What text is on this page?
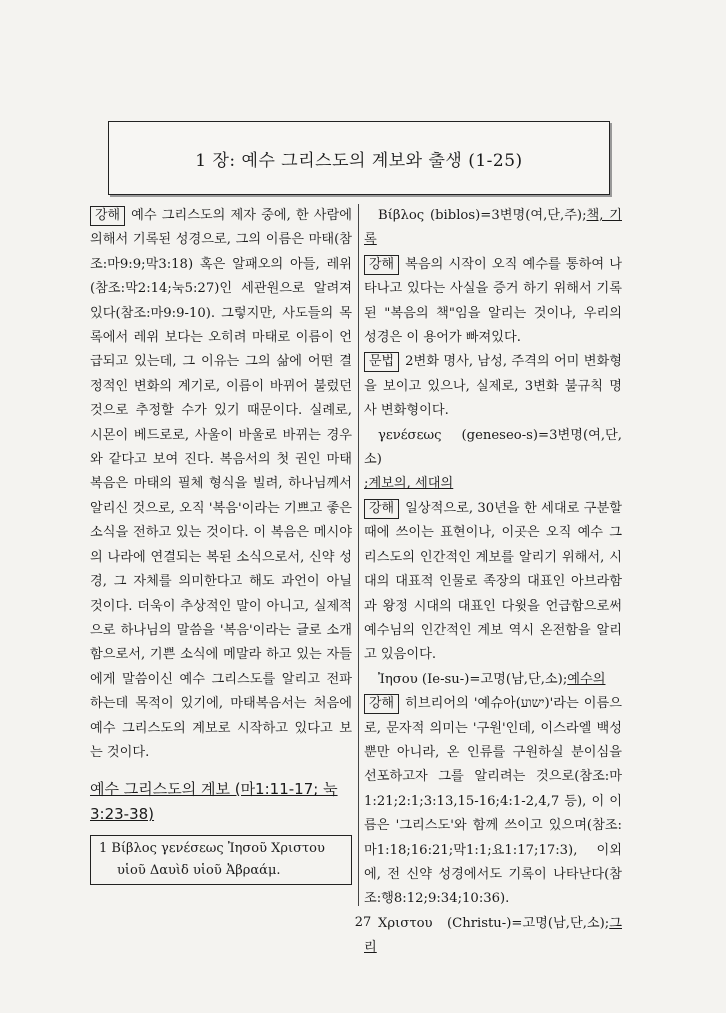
1 장: 예수 그리스도의 계보와 출생 (1-25)

강해 예수 그리스도의 제자 중에, 한 사람에 의해서 기록된 성경으로, 그의 이름은 마태(참조:마9:9;막3:18) 혹은 알패오의 아들, 레위(참조:막2:14;눅5:27)인 세관원으로 알려져 있다(참조:마9:9-10). 그렇지만, 사도들의 목록에서 레위 보다는 오히려 마태로 이름이 언급되고 있는데, 그 이유는 그의 삶에 어떤 결정적인 변화의 계기로, 이름이 바뀌어 불렀던 것으로 추정할 수가 있기 때문이다. 실례로, 시몬이 베드로로, 사울이 바울로 바뀌는 경우와 같다고 보여 진다. 복음서의 첫 권인 마태복음은 마태의 필체 형식을 빌려, 하나님께서 알리신 것으로, 오직 '복음'이라는 기쁘고 좋은 소식을 전하고 있는 것이다. 이 복음은 메시야의 나라에 연결되는 복된 소식으로서, 신약 성경, 그 자체를 의미한다고 해도 과언이 아닐 것이다. 더욱이 추상적인 말이 아니고, 실제적으로 하나님의 말씀을 '복음'이라는 글로 소개함으로서, 기쁜 소식에 메말라 하고 있는 자들에게 말씀이신 예수 그리스도를 알리고 전파하는데 목적이 있기에, 마태복음서는 처음에 예수 그리스도의 계보로 시작하고 있다고 보는 것이다.

예수 그리스도의 계보 (마1:11-17; 눅3:23-38)
1 Βίβλος γενέσεως Ἰησοῦ Χριστου
υἱοῦ Δαυὶδ υἱοῦ Ἀβραάμ.

Βίβλος (biblos)=3변명(여,단,주);책, 기록

강해 복음의 시작이 오직 예수를 통하여 나타나고 있다는 사실을 증거 하기 위해서 기록된 "복음의 책"임을 알리는 것이나, 우리의 성경은 이 용어가 빠져있다.

문법 2변화 명사, 남성, 주격의 어미 변화형을 보이고 있으나, 실제로, 3변화 불규칙 명사 변화형이다.

γενέσεως (geneseo-s)=3변명(여,단,소)

;계보의, 세대의

강해 일상적으로, 30년을 한 세대로 구분할 때에 쓰이는 표현이나, 이곳은 오직 예수 그리스도의 인간적인 계보를 알리기 위해서, 시대의 대표적 인물로 족장의 대표인 아브라함과 왕정 시대의 대표인 다윗을 언급함으로써 예수님의 인간적인 계보 역시 온전함을 알리고 있음이다.

Ἰησου (Ie-su-)=고명(남,단,소);예수의

강해 히브리어의 '예슈아(ישוע)'라는 이름으로, 문자적 의미는 '구원'인데, 이스라엘 백성뿐만 아니라, 온 인류를 구원하실 분이심을 선포하고자 그를 알리려는 것으로(참조:마1:21;2:1;3:13,15-16;4:1-2,4,7 등), 이 이름은 '그리스도'와 함께 쓰이고 있으며(참조:마1:18;16:21;막1:1;요1:17;17:3), 이외에, 전 신약 성경에서도 기록이 나타난다(참조:행8:12;9:34;10:36).

Χριστου (Christu-)=고명(남,단,소);그리

27
